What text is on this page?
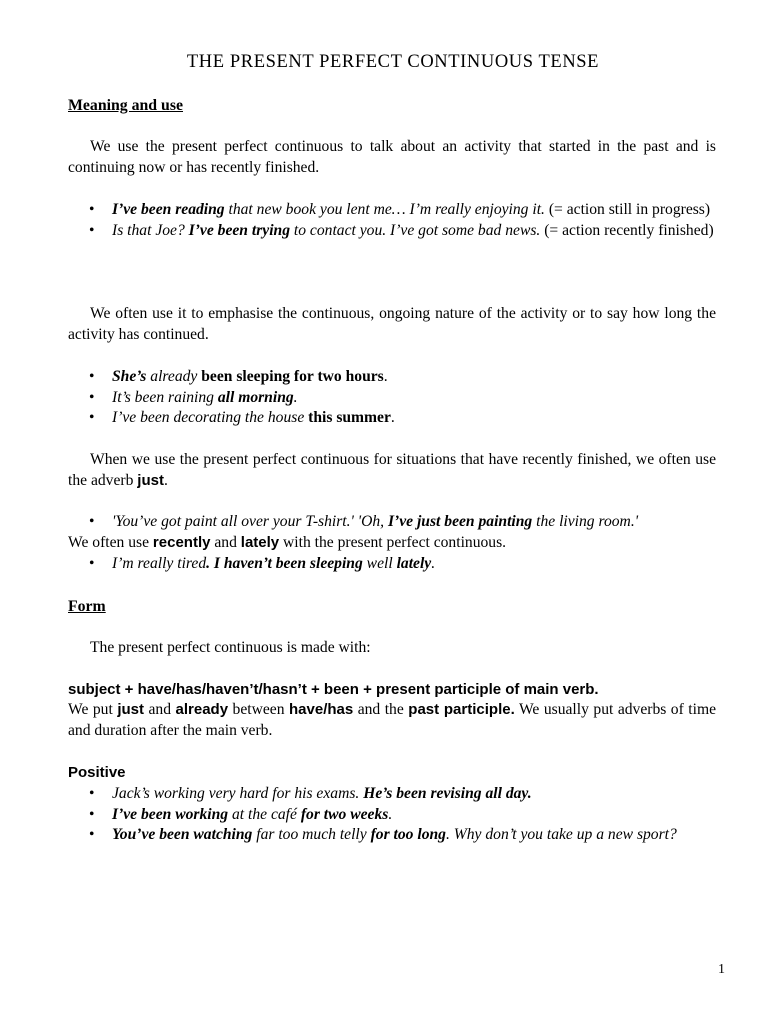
THE PRESENT PERFECT CONTINUOUS TENSE
Meaning and use
We use the present perfect continuous to talk about an activity that started in the past and is continuing now or has recently finished.
• I’ve been reading that new book you lent me… I’m really enjoying it. (= action still in progress)
• Is that Joe? I’ve been trying to contact you. I’ve got some bad news. (= action recently finished)
We often use it to emphasise the continuous, ongoing nature of the activity or to say how long the activity has continued.
• She’s already been sleeping for two hours.
• It’s been raining all morning.
• I’ve been decorating the house this summer.
When we use the present perfect continuous for situations that have recently finished, we often use the adverb just.
• 'You’ve got paint all over your T-shirt.' 'Oh, I’ve just been painting the living room.'
We often use recently and lately with the present perfect continuous.
• I’m really tired. I haven’t been sleeping well lately.
Form
The present perfect continuous is made with:
subject + have/has/haven’t/hasn’t + been + present participle of main verb.
We put just and already between have/has and the past participle. We usually put adverbs of time and duration after the main verb.
Positive
• Jack’s working very hard for his exams. He’s been revising all day.
• I’ve been working at the café for two weeks.
• You’ve been watching far too much telly for too long. Why don’t you take up a new sport?
1
